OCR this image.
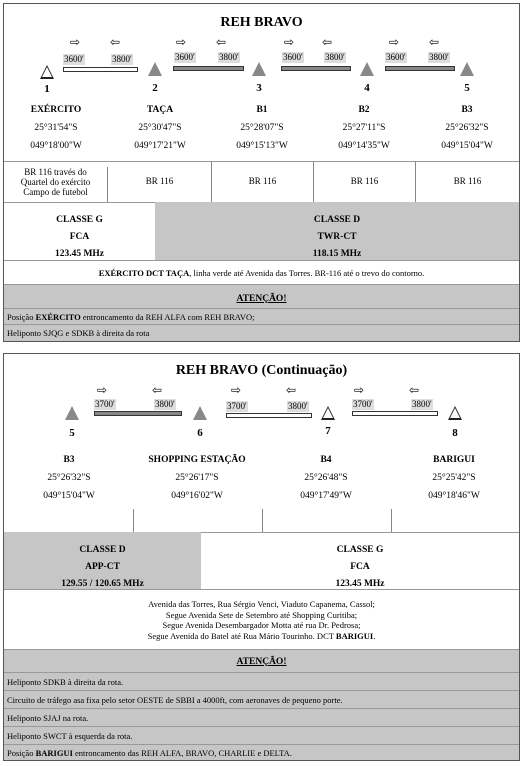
REH BRAVO
⇨	⇦
3600'	3800'
⇨	⇦
3600'	3800'
⇨ ⇦
3600' 3800'
⇨	⇦
3600'	3800'
1	2	3	4	5
EXÉRCITO
25°31'54"S
049°18'00"W
TAÇA
25°30'47"S
049°17'21"W
B1
25°28'07"S
049°15'13"W
B2
25°27'11"S
049°14'35"W
B3
25°26'32"S
049°15'04"W
BR 116 través do Quartel do exército Campo de futebol
BR 116	BR 116	BR 116	BR 116
CLASSE G
FCA
123.45 MHz
CLASSE D
TWR-CT
118.15 MHz
EXÉRCITO DCT TAÇA, linha verde até Avenida das Torres. BR-116 até o trevo do contorno.
ATENÇÃO!
Posição EXÉRCITO entroncamento da REH ALFA com REH BRAVO;
Heliponto SJQG e SDKB à direita da rota
REH BRAVO (Continuação)
⇨	⇦
3700'	3800'
⇨	⇦
3700'	3800'
⇨	⇦
3700'	3800'
5	6	7	8
B3
25°26'32"S
049°15'04"W
SHOPPING ESTAÇÃO
25°26'17"S
049°16'02"W
B4
25°26'48"S
049°17'49"W
BARIGUI
25°25'42"S
049°18'46"W
CLASSE D
APP-CT
129.55 / 120.65 MHz
CLASSE G
FCA
123.45 MHz
Avenida das Torres, Rua Sérgio Venci, Viaduto Capanema, Cassol;
Segue Avenida Sete de Setembro até Shopping Curitiba;
Segue Avenida Desembargador Motta até rua Dr. Pedrosa;
Segue Avenida do Batel até Rua Mário Tourinho. DCT BARIGUI.
ATENÇÃO!
Heliponto SDKB à direita da rota.
Circuito de tráfego asa fixa pelo setor OESTE de SBBI a 4000ft, com aeronaves de pequeno porte.
Heliponto SJAJ na rota.
Heliponto SWCT à esquerda da rota.
Posição BARIGUI entroncamento das REH ALFA, BRAVO, CHARLIE e DELTA.
